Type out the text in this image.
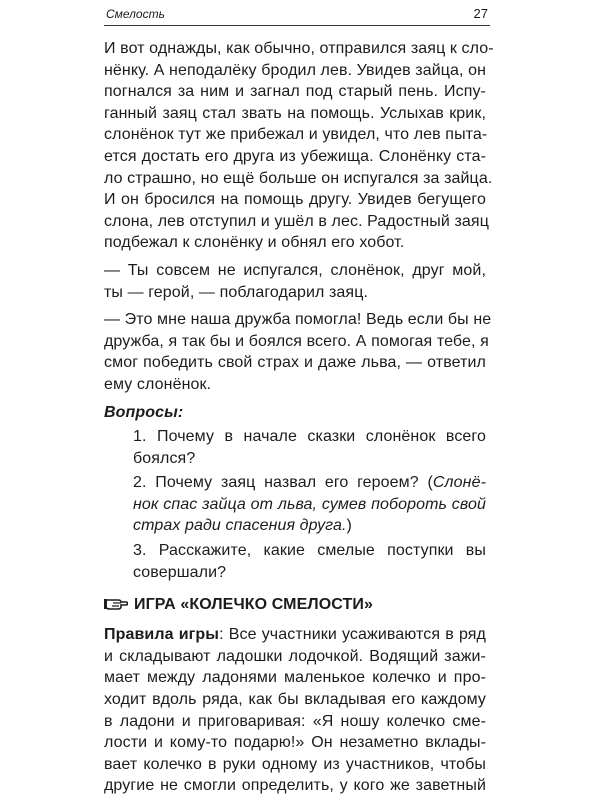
Смелость	27
И вот однажды, как обычно, отправился заяц к сло-
нёнку. А неподалёку бродил лев. Увидев зайца, он
погнался за ним и загнал под старый пень. Испу-
ганный заяц стал звать на помощь. Услыхав крик,
слонёнок тут же прибежал и увидел, что лев пыта-
ется достать его друга из убежища. Слонёнку ста-
ло страшно, но ещё больше он испугался за зайца.
И он бросился на помощь другу. Увидев бегущего
слона, лев отступил и ушёл в лес. Радостный заяц
подбежал к слонёнку и обнял его хобот.
— Ты совсем не испугался, слонёнок, друг мой,
ты — герой, — поблагодарил заяц.
— Это мне наша дружба помогла! Ведь если бы не
дружба, я так бы и боялся всего. А помогая тебе, я
смог победить свой страх и даже льва, — ответил
ему слонёнок.
Вопросы:
1. Почему в начале сказки слонёнок всего
боялся?
2. Почему заяц назвал его героем? (Слонё-
нок спас зайца от льва, сумев побороть свой
страх ради спасения друга.)
3. Расскажите, какие смелые поступки вы
совершали?
ИГРА «КОЛЕЧКО СМЕЛОСТИ»
Правила игры: Все участники усаживаются в ряд
и складывают ладошки лодочкой. Водящий зажи-
мает между ладонями маленькое колечко и про-
ходит вдоль ряда, как бы вкладывая его каждому
в ладони и приговаривая: «Я ношу колечко сме-
лости и кому-то подарю!» Он незаметно вклады-
вает колечко в руки одному из участников, чтобы
другие не смогли определить, у кого же заветный
